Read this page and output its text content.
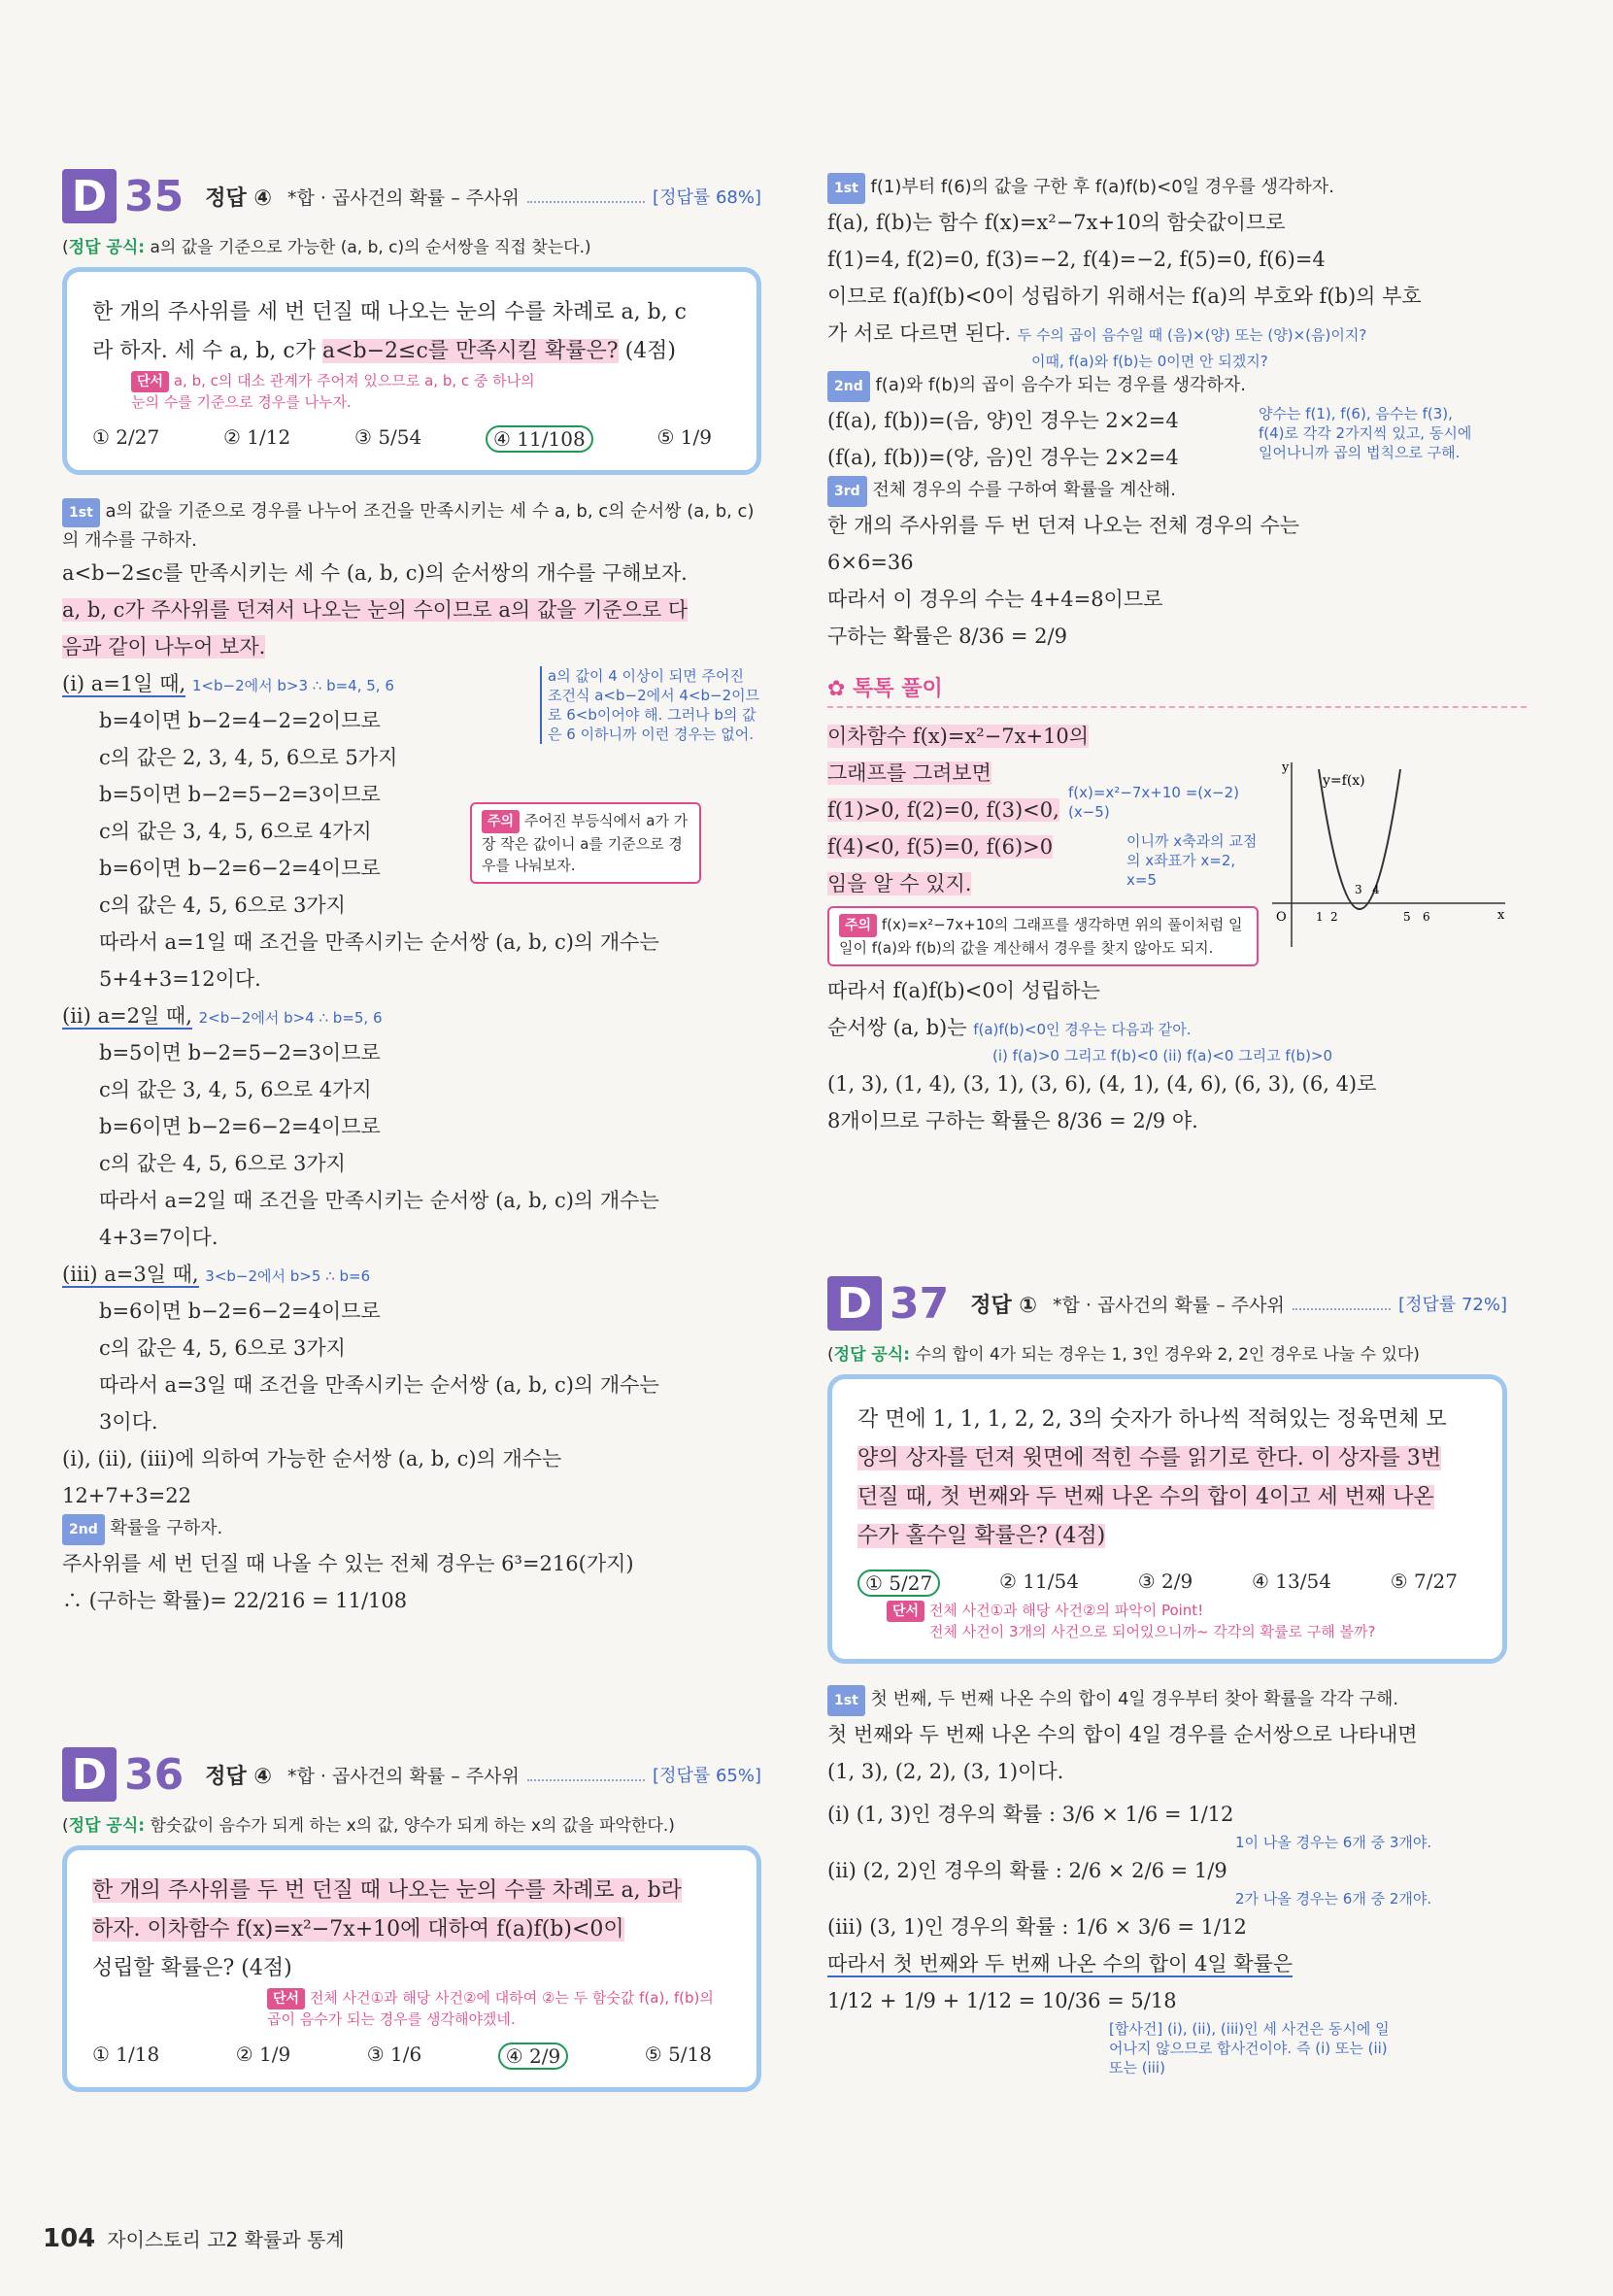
D 35 정답 ④ *합 · 곱사건의 확률 – 주사위	[정답률 68%]
(정답 공식: a의 값을 기준으로 가능한 (a, b, c)의 순서쌍을 직접 찾는다.)
한 개의 주사위를 세 번 던질 때 나오는 눈의 수를 차례로 a, b, c
라 하자. 세 수 a, b, c가 a<b−2≤c를 만족시킬 확률은? (4점)
단서 a, b, c의 대소 관계가 주어져 있으므로 a, b, c 중 하나의 눈의 수를 기준으로 경우를 나누자.
① 2/27	② 1/12	③ 5/54	④ 11/108	⑤ 1/9
1st a의 값을 기준으로 경우를 나누어 조건을 만족시키는 세 수 a, b, c의 순서쌍 (a, b, c)의 개수를 구하자.
a<b−2≤c를 만족시키는 세 수 (a, b, c)의 순서쌍의 개수를 구해보자.
a, b, c가 주사위를 던져서 나오는 눈의 수이므로 a의 값을 기준으로 다
음과 같이 나누어 보자.
(i) a=1일 때, 1<b−2에서 b>3 ∴ b=4, 5, 6
b=4이면 b−2=4−2=2이므로
c의 값은 2, 3, 4, 5, 6으로 5가지
b=5이면 b−2=5−2=3이므로
c의 값은 3, 4, 5, 6으로 4가지
b=6이면 b−2=6−2=4이므로
c의 값은 4, 5, 6으로 3가지
따라서 a=1일 때 조건을 만족시키는 순서쌍 (a, b, c)의 개수는
5+4+3=12이다.
(ii) a=2일 때, 2<b−2에서 b>4 ∴ b=5, 6
b=5이면 b−2=5−2=3이므로
c의 값은 3, 4, 5, 6으로 4가지
b=6이면 b−2=6−2=4이므로
c의 값은 4, 5, 6으로 3가지
따라서 a=2일 때 조건을 만족시키는 순서쌍 (a, b, c)의 개수는
4+3=7이다.
(iii) a=3일 때, 3<b−2에서 b>5 ∴ b=6
b=6이면 b−2=6−2=4이므로
c의 값은 4, 5, 6으로 3가지
따라서 a=3일 때 조건을 만족시키는 순서쌍 (a, b, c)의 개수는
3이다.
(i), (ii), (iii)에 의하여 가능한 순서쌍 (a, b, c)의 개수는
12+7+3=22
2nd 확률을 구하자.
주사위를 세 번 던질 때 나올 수 있는 전체 경우는 6³=216(가지)
∴ (구하는 확률)= 22/216 = 11/108
a의 값이 4 이상이 되면 주어진 조건식 a<b−2에서 4<b−2이므로 6<b이어야 해. 그러나 b의 값은 6 이하니까 이런 경우는 없어.
주의 주어진 부등식에서 a가 가장 작은 값이니 a를 기준으로 경우를 나눠보자.
D 36 정답 ④ *합 · 곱사건의 확률 – 주사위	[정답률 65%]
(정답 공식: 함숫값이 음수가 되게 하는 x의 값, 양수가 되게 하는 x의 값을 파악한다.)
한 개의 주사위를 두 번 던질 때 나오는 눈의 수를 차례로 a, b라
하자. 이차함수 f(x)=x²−7x+10에 대하여 f(a)f(b)<0이
성립할 확률은? (4점)
단서 전체 사건①과 해당 사건②에 대하여 ②는 두 함숫값 f(a), f(b)의 곱이 음수가 되는 경우를 생각해야겠네.
① 1/18	② 1/9	③ 1/6	④ 2/9	⑤ 5/18
1st f(1)부터 f(6)의 값을 구한 후 f(a)f(b)<0일 경우를 생각하자.
f(a), f(b)는 함수 f(x)=x²−7x+10의 함숫값이므로
f(1)=4, f(2)=0, f(3)=−2, f(4)=−2, f(5)=0, f(6)=4
이므로 f(a)f(b)<0이 성립하기 위해서는 f(a)의 부호와 f(b)의 부호
가 서로 다르면 된다. 두 수의 곱이 음수일 때 (음)×(양) 또는 (양)×(음)이지?
이때, f(a)와 f(b)는 0이면 안 되겠지?
2nd f(a)와 f(b)의 곱이 음수가 되는 경우를 생각하자.
(f(a), f(b))=(음, 양)인 경우는 2×2=4
(f(a), f(b))=(양, 음)인 경우는 2×2=4
3rd 전체 경우의 수를 구하여 확률을 계산해.
한 개의 주사위를 두 번 던져 나오는 전체 경우의 수는
6×6=36
따라서 이 경우의 수는 4+4=8이므로
구하는 확률은 8/36 = 2/9
✿ 톡톡 풀이
이차함수 f(x)=x²−7x+10의
그래프를 그려보면
f(1)>0, f(2)=0, f(3)<0,
f(4)<0, f(5)=0, f(6)>0
임을 알 수 있지.
주의 f(x)=x²−7x+10의 그래프를 생각하면 위의 풀이처럼 일일이 f(a)와 f(b)의 값을 계산해서 경우를 찾지 않아도 되지.
따라서 f(a)f(b)<0이 성립하는
순서쌍 (a, b)는 f(a)f(b)<0인 경우는 다음과 같아.
(i) f(a)>0 그리고 f(b)<0 (ii) f(a)<0 그리고 f(b)>0
(1, 3), (1, 4), (3, 1), (3, 6), (4, 1), (4, 6), (6, 3), (6, 4)로
8개이므로 구하는 확률은 8/36 = 2/9 야.
양수는 f(1), f(6), 음수는 f(3), f(4)로 각각 2가지씩 있고, 동시에 일어나니까 곱의 법칙으로 구해.
f(x)=x²−7x+10 =(x−2)(x−5)
이니까 x축과의 교점의 x좌표가 x=2, x=5
y=f(x)
y
x
O	1 2
3 4
5 6
D 37 정답 ① *합 · 곱사건의 확률 – 주사위	[정답률 72%]
(정답 공식: 수의 합이 4가 되는 경우는 1, 3인 경우와 2, 2인 경우로 나눌 수 있다)
각 면에 1, 1, 1, 2, 2, 3의 숫자가 하나씩 적혀있는 정육면체 모
양의 상자를 던져 윗면에 적힌 수를 읽기로 한다. 이 상자를 3번
던질 때, 첫 번째와 두 번째 나온 수의 합이 4이고 세 번째 나온
수가 홀수일 확률은? (4점)
① 5/27	② 11/54	③ 2/9	④ 13/54	⑤ 7/27
단서 전체 사건①과 해당 사건②의 파악이 Point!
전체 사건이 3개의 사건으로 되어있으니까~ 각각의 확률로 구해 볼까?
1st 첫 번째, 두 번째 나온 수의 합이 4일 경우부터 찾아 확률을 각각 구해.
첫 번째와 두 번째 나온 수의 합이 4일 경우를 순서쌍으로 나타내면
(1, 3), (2, 2), (3, 1)이다.
(i) (1, 3)인 경우의 확률 : 3/6 × 1/6 = 1/12
1이 나올 경우는 6개 중 3개야.
(ii) (2, 2)인 경우의 확률 : 2/6 × 2/6 = 1/9
2가 나올 경우는 6개 중 2개야.
(iii) (3, 1)인 경우의 확률 : 1/6 × 3/6 = 1/12
따라서 첫 번째와 두 번째 나온 수의 합이 4일 확률은
1/12 + 1/9 + 1/12 = 10/36 = 5/18
[합사건] (i), (ii), (iii)인 세 사건은 동시에 일어나지 않으므로 합사건이야. 즉 (i) 또는 (ii) 또는 (iii)
104 자이스토리 고2 확률과 통계
